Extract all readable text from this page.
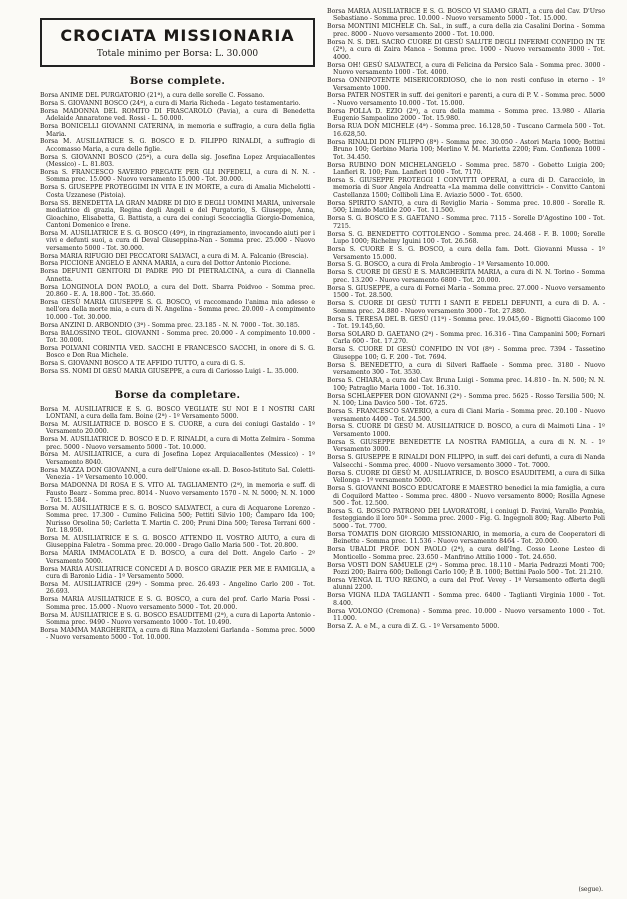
CROCIATA MISSIONARIA
Totale minimo per Borsa: L. 30.000
Borse complete.
Borsa ANIME DEL PURGATORIO (21ª), a cura delle sorelle C. Fossano.
Borsa S. GIOVANNI BOSCO (24ª), a cura di Maria Richeda - Legato testamentario.
Borsa MADONNA DEL ROMITO DI FRASCAROLO (Pavia), a cura di Benedetta Adelaide Annaratone ved. Rossi - L. 50.000.
Borsa BONICELLI GIOVANNI CATERINA, in memoria e suffragio, a cura della figlia Maria.
Borsa M. AUSILIATRICE S. G. BOSCO E D. FILIPPO RINALDI, a suffragio di Accomasso Maria, a cura delle figlie.
Borsa S. GIOVANNI BOSCO (25ª), a cura della sig. Josefina Lopez Arquiacallentes (Messico) - L. 81.803.
Borsa S. FRANCESCO SAVERIO PREGATE PER GLI INFEDELI, a cura di N. N. - Somma prec. 15.000 - Nuovo versamento 15.000 - Tot. 30.000.
Borsa S. GIUSEPPE PROTEGGIMI IN VITA E IN MORTE, a cura di Amalia Michelotti - Costa Uzzanese (Pistoia).
Borsa SS. BENEDETTA LA GRAN MADRE DI DIO E DEGLI UOMINI MARIA, universale mediatrice di grazia, Regina degli Angeli e del Purgatorio, S. Giuseppe, Anna, Gioachino, Elisabetta, G. Battista, a cura dei coniugi Scocciaglia Giorgio-Domenica, Cantoni Domenico e Irene.
Borsa M. AUSILIATRICE E S. G. BOSCO (49ª), in ringraziamento, invocando aiuti per i vivi e defunti suoi, a cura di Deval Giuseppina-Nan - Somma prec. 25.000 - Nuovo versamento 5000 - Tot. 30.000.
Borsa MARIA RIFUGIO DEI PECCATORI SALVACI, a cura di M. A. Falcanio (Brescia).
Borsa PICCIONE ANGELO E ANNA MARIA, a cura del Dottor Antonio Piccione.
Borsa DEFUNTI GENITORI DI PADRE PIO DI PIETRALCINA, a cura di Ciannella Annetta.
Borsa LONGINOLA DON PAOLO, a cura del Dott. Sbarra Poidvoo - Somma prec. 20.860 - E. A. 18.800 - Tot. 35.660.
Borsa GESÙ MARIA GIUSEPPE S. G. BOSCO, vi raccomando l'anima mia adesso e nell'ora della morte mia, a cura di N. Angelina - Somma prec. 20.000 - A compimento 10.000 - Tot. 30.000.
Borsa ANZINI D. ARBONDIO (3ª) - Somma prec. 23.185 - N. N. 7000 - Tot. 30.185.
Borsa BALOSSINO TEOL. GIOVANNI - Somma prec. 20.000 - A compimento 10.000 - Tot. 30.000.
Borsa POLVANI CORINTIA VED. SACCHI E FRANCESCO SACCHI, in onore di S. G. Bosco e Don Rua Michele.
Borsa S. GIOVANNI BOSCO A TE AFFIDO TUTTO, a cura di G. S.
Borsa SS. NOMI DI GESÙ MARIA GIUSEPPE, a cura di Cariosso Luigi - L. 35.000.
Borse da completare.
Borsa M. AUSILIATRICE E S. G. BOSCO VEGLIATE SU NOI E I NOSTRI CARI LONTANI, a cura della fam. Boine (2ª) - 1º Versamento 5000.
Borsa M. AUSILIATRICE D. BOSCO E S. CUORE, a cura dei coniugi Gastaldo - 1º Versamento 20.000.
Borsa M. AUSILIATRICE D. BOSCO E D. F. RINALDI, a cura di Motta Zelmira - Somma prec. 5000 - Nuovo versamento 5000 - Tot. 10.000.
Borsa M. AUSILIATRICE, a cura di Josefina Lopez Arquiacallentes (Messico) - 1º Versamento 8040.
Borsa MAZZA DON GIOVANNI, a cura dell'Unione ex-all. D. Bosco-Istituto Sal. Coletti-Venezia - 1º Versamento 10.000.
Borsa MADONNA DI ROSA E S. VITO AL TAGLIAMENTO (2ª), in memoria e suff. di Fausto Bearz - Somma prec. 8014 - Nuovo versamento 1570 - N. N. 5000; N. N. 1000 - Tot. 15.584.
Borsa M. AUSILIATRICE E S. G. BOSCO SALVATECI, a cura di Acquarone Lorenzo - Somma prec. 17.300 - Cumino Felicina 500; Pettiti Silvio 100; Camparo Ida 100; Nurisso Orsolina 50; Carletta T. Martin C. 200; Pruni Dina 500; Teresa Terrani 600 - Tot. 18.950.
Borsa M. AUSILIATRICE E S. G. BOSCO ATTENDO IL VOSTRO AIUTO, a cura di Giuseppina Faletra - Somma prec. 20.000 - Drago Gallo Maria 500 - Tot. 20.800.
Borsa MARIA IMMACOLATA E D. BOSCO, a cura del Dott. Angelo Carlo - 2º Versamento 5000.
Borsa MARIA AUSILIATRICE CONCEDI A D. BOSCO GRAZIE PER ME E FAMIGLIA, a cura di Baronio Lidia - 1º Versamento 5000.
Borsa M. AUSILIATRICE (29ª) - Somma prec. 26.493 - Angelino Carlo 200 - Tot. 26.693.
Borsa MARIA AUSILIATRICE E S. G. BOSCO, a cura del prof. Carlo Maria Possi - Somma prec. 15.000 - Nuovo versamento 5000 - Tot. 20.000.
Borsa M. AUSILIATRICE E S. G. BOSCO ESAUDITEMI (2ª), a cura di Laporta Antonio - Somma prec. 9490 - Nuovo versamento 1000 - Tot. 10.490.
Borsa MAMMA MARGHERITA, a cura di Rina Mazzoleni Garlanda - Somma prec. 5000 - Nuovo versamento 5000 - Tot. 10.000.
Borsa MARIA AUSILIATRICE E S. G. BOSCO VI SIAMO GRATI, a cura del Cav. D'Urso Sebastiano - Somma prec. 10.000 - Nuovo versamento 5000 - Tot. 15.000.
Borsa MONTINI MICHELE Ch. Sal., in suff., a cura della zia Casalini Dorina - Somma prec. 8000 - Nuovo versamento 2000 - Tot. 10.000.
Borsa N. S. DEL SACRO CUORE DI GESÙ SALUTE DEGLI INFERMI CONFIDO IN TE (2ª), a cura di Zaira Manca - Somma prec. 1000 - Nuovo versamento 3000 - Tot. 4000.
Borsa OH! GESÙ SALVATECI, a cura di Felicina da Persico Sala - Somma prec. 3000 - Nuovo versamento 1000 - Tot. 4000.
Borsa ONNIPOTENTE MISERICORDIOSO, che io non resti confuso in eterno - 1º Versamento 1000.
Borsa PATER NOSTER in suff. dei genitori e parenti, a cura di P. V. - Somma prec. 5000 - Nuovo versamento 10.000 - Tot. 15.000.
Borsa POLLA D. EZIO (2ª), a cura della mamma - Somma prec. 13.980 - Allaria Eugenio Sampaolino 2000 - Tot. 15.980.
Borsa RUA DON MICHELE (4ª) - Somma prec. 16.128,50 - Tuscano Carmela 500 - Tot. 16.628,50.
Borsa RINALDI DON FILIPPO (8ª) - Somma prec. 30.050 - Astori Maria 1000; Bottini Bruno 100; Gerbino Maria 100; Merlino V. M. Marietta 2200; Fam. Confienza 1000 - Tot. 34.450.
Borsa RUBINO DON MICHELANGELO - Somma prec. 5870 - Gobetto Luigia 200; Lanfieri R. 100; Fam. Lanfieri 1000 - Tot. 7170.
Borsa S. GIUSEPPE PROTEGGI I CONVITTI OPERAI, a cura di D. Caracciolo, in memoria di Suor Angela Andreatta «La mamma delle convittrici» - Convitto Cantoni Castellanza 1500; Colliboli Lina E. Aviazio 5000 - Tot. 6500.
Borsa SPIRITO SANTO, a cura di Reviglio Maria - Somma prec. 10.800 - Sorelle R. 500; Limido Matilde 200 - Tot. 11.500.
Borsa S. G. BOSCO E S. GAETANO - Somma prec. 7115 - Sorelle D'Agostino 100 - Tot. 7215.
Borsa S. G. BENEDETTO COTTOLENGO - Somma prec. 24.468 - F. B. 1000; Sorelle Lupo 1000; Richelmy Iguini 100 - Tot. 26.568.
Borsa S. CUORE E S. G. BOSCO, a cura della fam. Dott. Giovanni Mussa - 1º Versamento 15.000.
Borsa S. G. BOSCO, a cura di Frola Ambrogio - 1º Versamento 10.000.
Borsa S. CUORE DI GESÙ E S. MARGHERITA MARIA, a cura di N. N. Torino - Somma prec. 13.200 - Nuovo versamento 6800 - Tot. 20.000.
Borsa S. GIUSEPPE, a cura di Fornei Maria - Somma prec. 27.000 - Nuovo versamento 1500 - Tot. 28.500.
Borsa S. CUORE DI GESÙ TUTTI I SANTI E FEDELI DEFUNTI, a cura di D. A. - Somma prec. 24.880 - Nuovo versamento 3000 - Tot. 27.880.
Borsa S. TERESA DEL B. GESÙ (11ª) - Somma prec. 19.045,60 - Bignotti Giacomo 100 - Tot. 19.145,60.
Borsa SOLARO D. GAETANO (2ª) - Somma prec. 16.316 - Tina Campanini 500; Fornari Carla 600 - Tot. 17.270.
Borsa S. CUORE DI GESÙ CONFIDO IN VOI (8ª) - Somma prec. 7394 - Tassetino Giuseppe 100; G. F. 200 - Tot. 7694.
Borsa S. BENEDETTO, a cura di Silveri Raffaele - Somma prec. 3180 - Nuovo versamento 300 - Tot. 3530.
Borsa S. CHIARA, a cura del Cav. Bruna Luigi - Somma prec. 14.810 - In. N. 500; N. N. 100; Patraglio Maria 1000 - Tot. 16.310.
Borsa SCHLAEPFER DON GIOVANNI (2ª) - Somma prec. 5625 - Rosso Tersilia 500; N. N. 100; Lina Davico 500 - Tot. 6725.
Borsa S. FRANCESCO SAVERIO, a cura di Ciani Maria - Somma prec. 20.100 - Nuovo versamento 4400 - Tot. 24.500.
Borsa S. CUORE DI GESÙ M. AUSILIATRICE D. BOSCO, a cura di Maimoti Lina - 1º Versamento 1000.
Borsa S. GIUSEPPE BENEDETTE LA NOSTRA FAMIGLIA, a cura di N. N. - 1º Versamento 3000.
Borsa S. GIUSEPPE E RINALDI DON FILIPPO, in suff. dei cari defunti, a cura di Nanda Valsecchi - Somma prec. 4000 - Nuovo versamento 3000 - Tot. 7000.
Borsa S. CUORE DI GESÙ M. AUSILIATRICE, D. BOSCO ESAUDITEMI, a cura di Silka Vellonga - 1º versamento 5000.
Borsa S. GIOVANNI BOSCO EDUCATORE E MAESTRO benedici la mia famiglia, a cura di Coquilord Matteo - Somma prec. 4800 - Nuovo versamento 8000; Rosilla Agnese 500 - Tot. 12.500.
Borsa S. G. BOSCO PATRONO DEI LAVORATORI, i coniugi D. Favini, Varallo Pombia, festeggiando il loro 50º - Somma prec. 2000 - Fig. G. Ingegnoli 800; Rag. Alberto Poli 5000 - Tot. 7700.
Borsa TOMATIS DON GIORGIO MISSIONARIO, in memoria, a cura de Cooperatori di Beinette - Somma prec. 11.536 - Nuovo versamento 8464 - Tot. 20.000.
Borsa UBALDI PROF. DON PAOLO (2ª), a cura dell'Ing. Cosso Leone Lesteo di Monticello - Somma prec. 23.650 - Manfrino Attilio 1000 - Tot. 24.650.
Borsa VOSTI DON SAMUELE (2ª) - Somma prec. 18.110 - Maria Pedrazzi Monti 700; Pozzi 200; Bairra 600; Dellongi Carlo 100; P. B. 1000; Bettini Paolo 500 - Tot. 21.210.
Borsa VENGA IL TUO REGNO, a cura del Prof. Vevey - 1º Versamento offerta degli alunni 2200.
Borsa VIGNA ILDA TAGLIANTI - Somma prec. 6400 - Taglianti Virginia 1000 - Tot. 8.400.
Borsa VOLONGO (Cremona) - Somma prec. 10.000 - Nuovo versamento 1000 - Tot. 11.000.
Borsa Z. A. e M., a cura di Z. G. - 1º Versamento 5000.
(segue).
